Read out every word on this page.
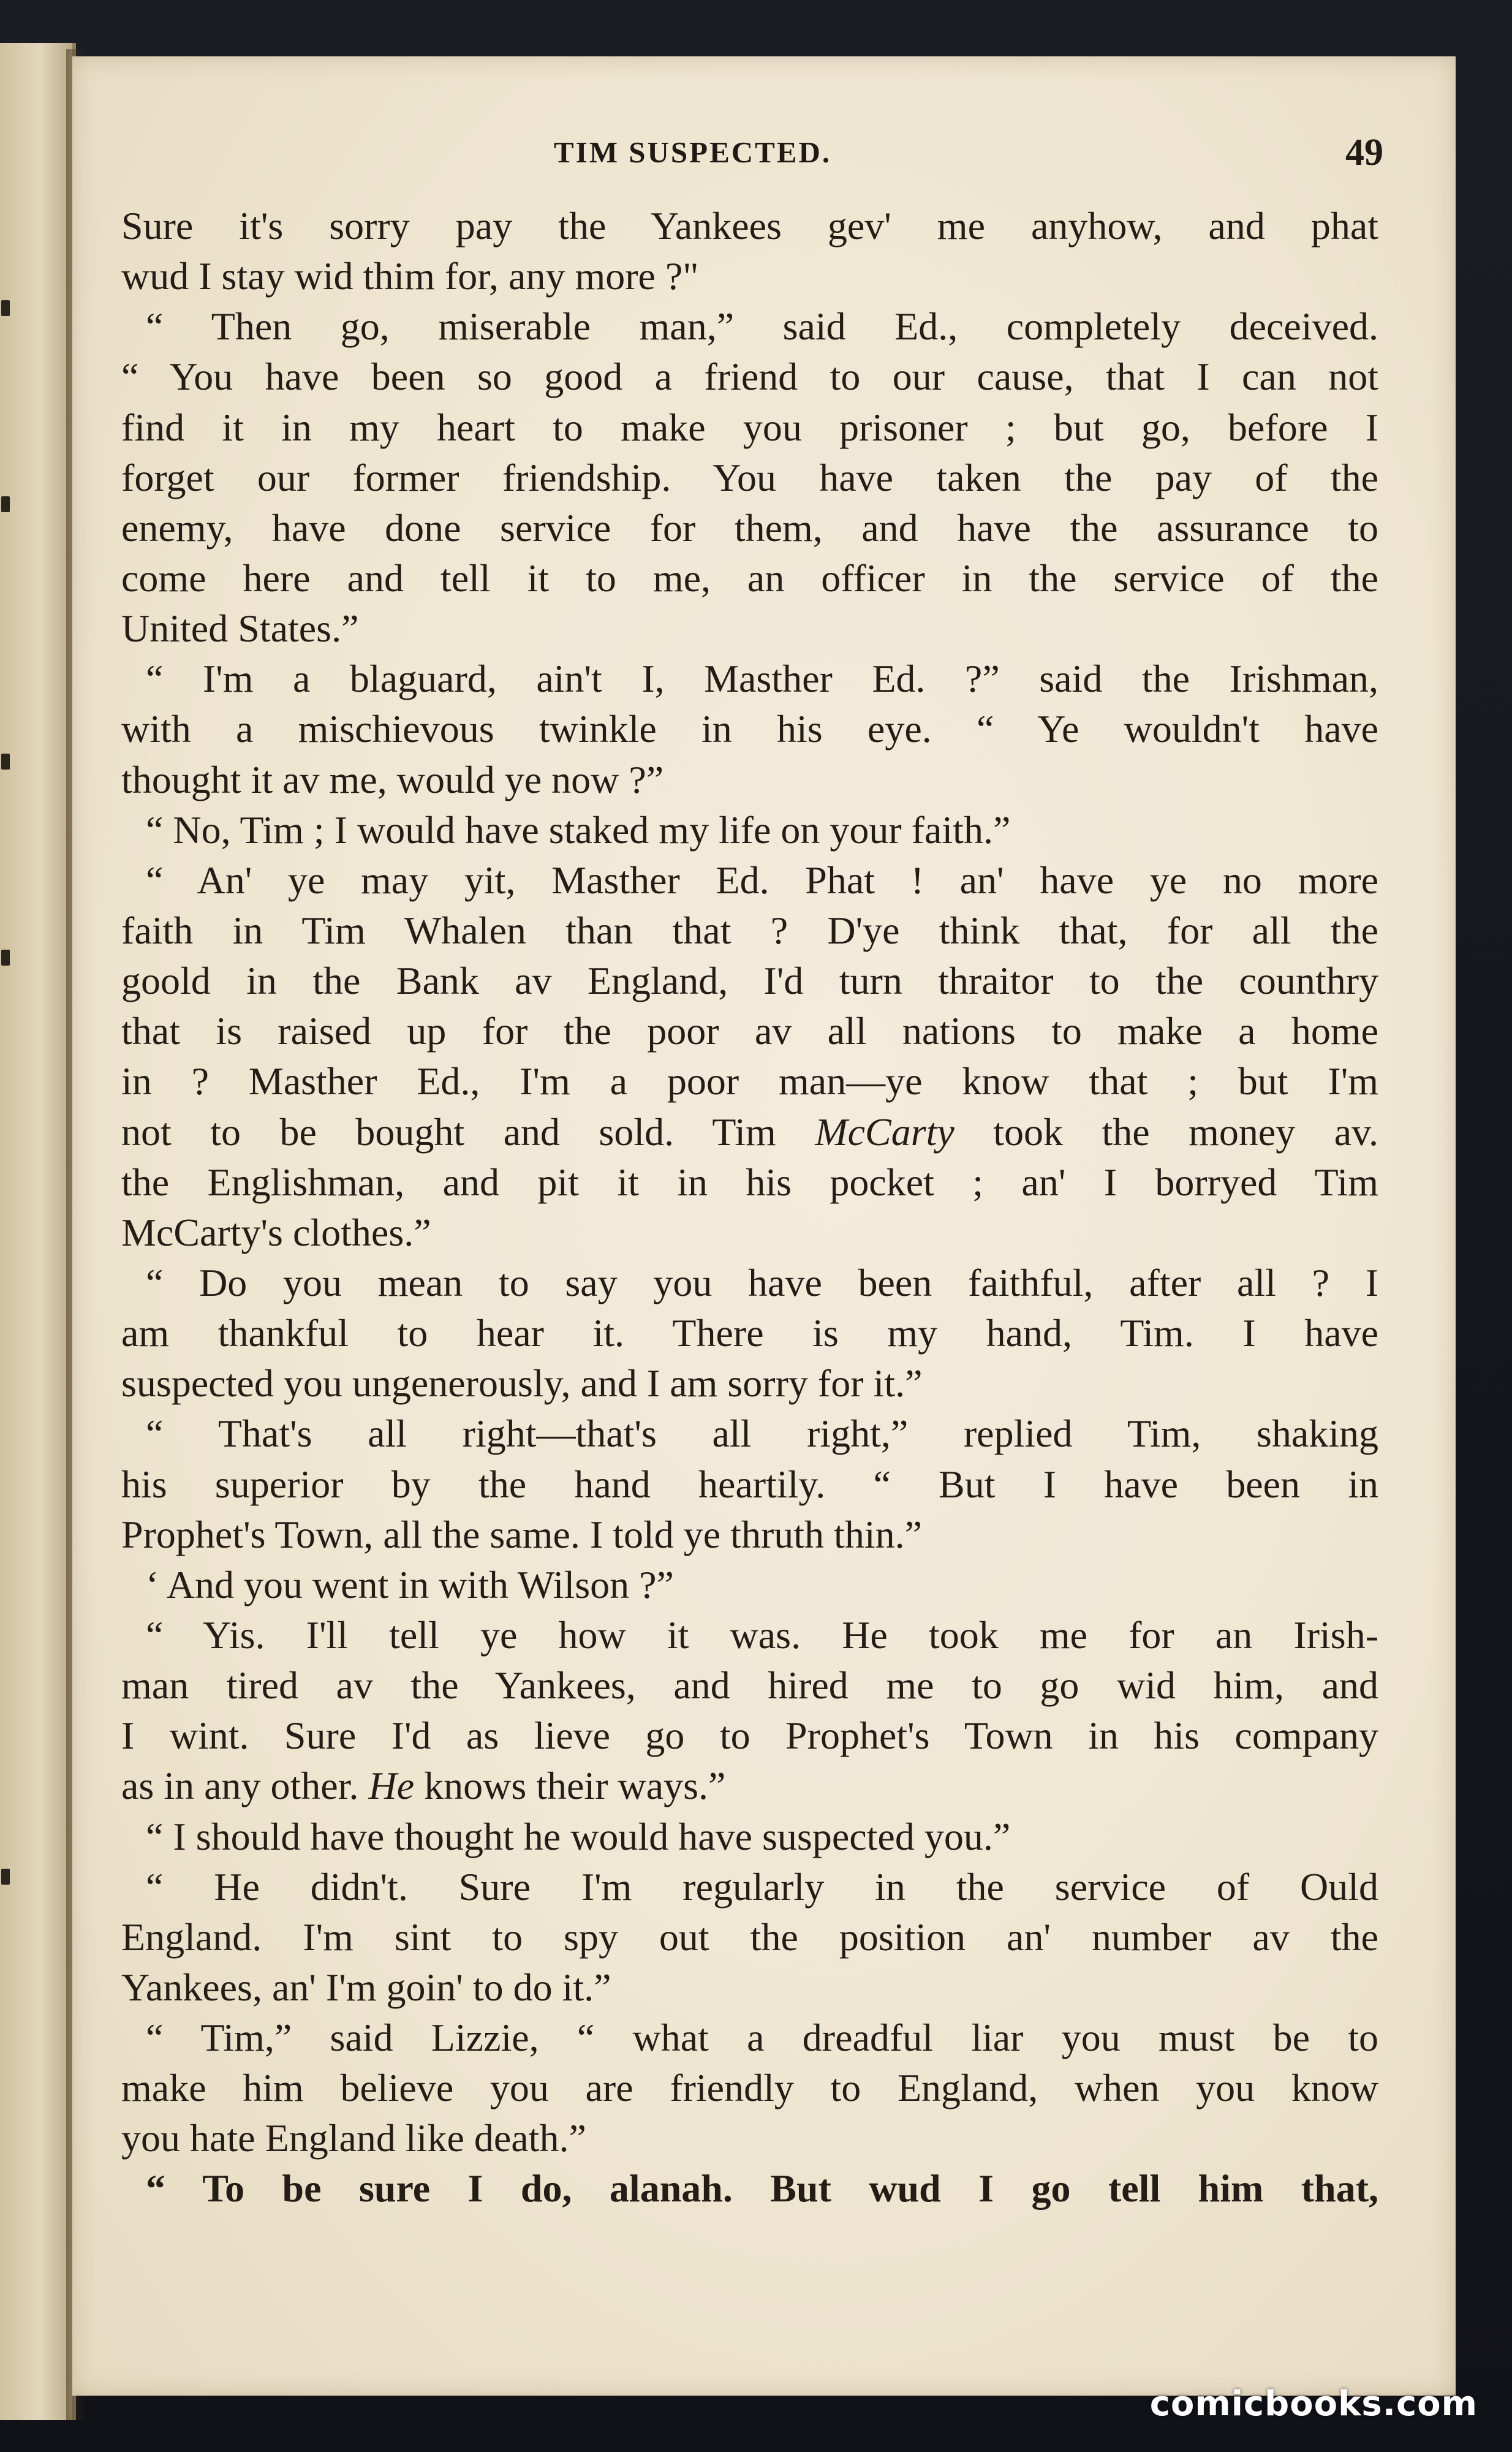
TIM SUSPECTED.	49
Sure it's sorry pay the Yankees gev' me anyhow, and phat
wud I stay wid thim for, any more ?"
“ Then go, miserable man,” said Ed., completely deceived.
“ You have been so good a friend to our cause, that I can not
find it in my heart to make you prisoner ; but go, before I
forget our former friendship. You have taken the pay of the
enemy, have done service for them, and have the assurance to
come here and tell it to me, an officer in the service of the
United States.”
“ I'm a blaguard, ain't I, Masther Ed. ?” said the Irishman,
with a mischievous twinkle in his eye. “ Ye wouldn't have
thought it av me, would ye now ?”
“ No, Tim ; I would have staked my life on your faith.”
“ An' ye may yit, Masther Ed. Phat ! an' have ye no more
faith in Tim Whalen than that ? D'ye think that, for all the
goold in the Bank av England, I'd turn thraitor to the counthry
that is raised up for the poor av all nations to make a home
in ? Masther Ed., I'm a poor man—ye know that ; but I'm
not to be bought and sold. Tim McCarty took the money av.
the Englishman, and pit it in his pocket ; an' I borryed Tim
McCarty's clothes.”
“ Do you mean to say you have been faithful, after all ? I
am thankful to hear it. There is my hand, Tim. I have
suspected you ungenerously, and I am sorry for it.”
“ That's all right—that's all right,” replied Tim, shaking
his superior by the hand heartily. “ But I have been in
Prophet's Town, all the same. I told ye thruth thin.”
‘ And you went in with Wilson ?”
“ Yis. I'll tell ye how it was. He took me for an Irish-
man tired av the Yankees, and hired me to go wid him, and
I wint. Sure I'd as lieve go to Prophet's Town in his company
as in any other. He knows their ways.”
“ I should have thought he would have suspected you.”
“ He didn't. Sure I'm regularly in the service of Ould
England. I'm sint to spy out the position an' number av the
Yankees, an' I'm goin' to do it.”
“ Tim,” said Lizzie, “ what a dreadful liar you must be to
make him believe you are friendly to England, when you know
you hate England like death.”
“ To be sure I do, alanah. But wud I go tell him that,
comicbooks.com
